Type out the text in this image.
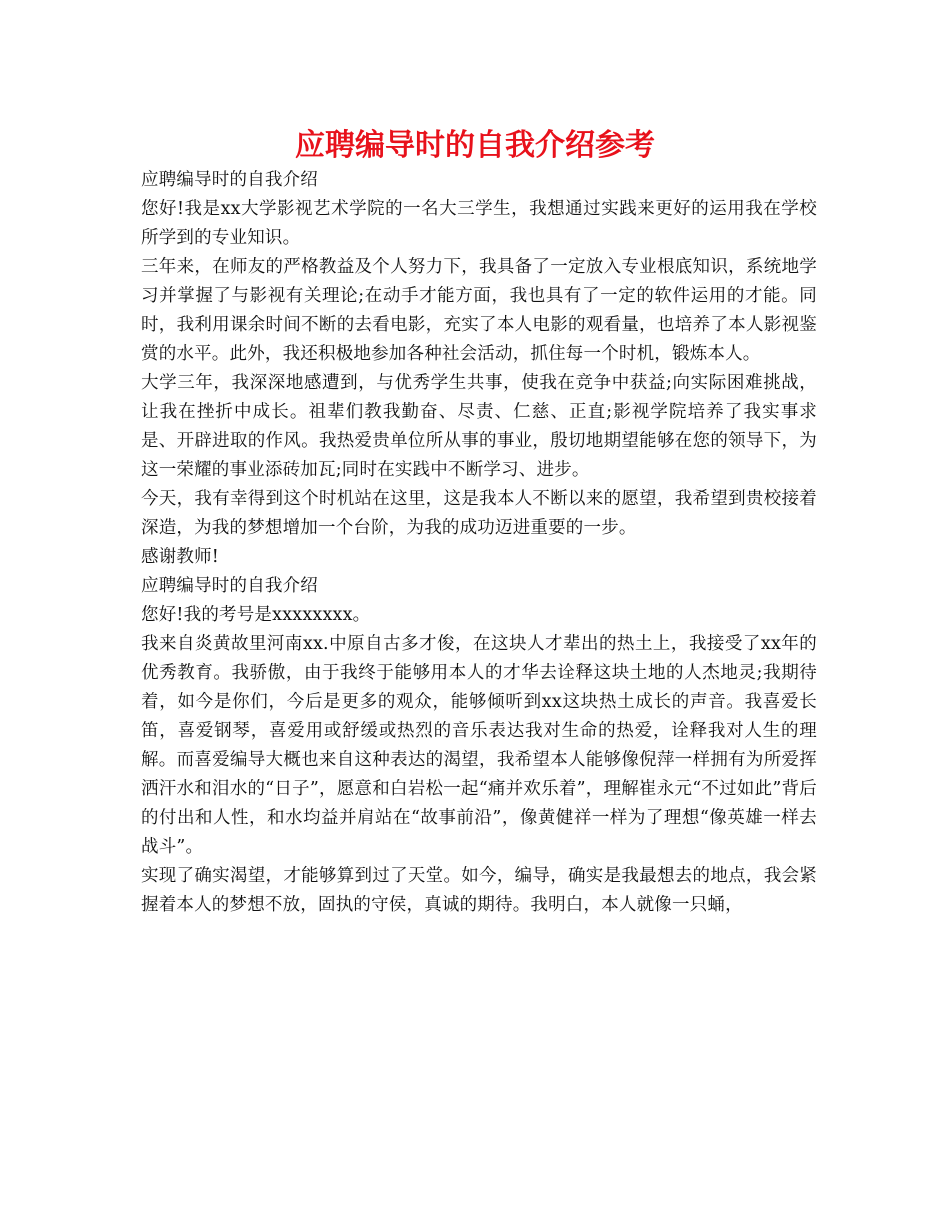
应聘编导时的自我介绍参考

应聘编导时的自我介绍

您好!我是xx大学影视艺术学院的一名大三学生，我想通过实践来更好的运用我在学校所学到的专业知识。

三年来，在师友的严格教益及个人努力下，我具备了一定放入专业根底知识，系统地学习并掌握了与影视有关理论;在动手才能方面，我也具有了一定的软件运用的才能。同时，我利用课余时间不断的去看电影，充实了本人电影的观看量，也培养了本人影视鉴赏的水平。此外，我还积极地参加各种社会活动，抓住每一个时机，锻炼本人。

大学三年，我深深地感遭到，与优秀学生共事，使我在竞争中获益;向实际困难挑战，让我在挫折中成长。祖辈们教我勤奋、尽责、仁慈、正直;影视学院培养了我实事求是、开辟进取的作风。我热爱贵单位所从事的事业，殷切地期望能够在您的领导下，为这一荣耀的事业添砖加瓦;同时在实践中不断学习、进步。

今天，我有幸得到这个时机站在这里，这是我本人不断以来的愿望，我希望到贵校接着深造，为我的梦想增加一个台阶，为我的成功迈进重要的一步。

感谢教师!

应聘编导时的自我介绍

您好!我的考号是xxxxxxxx。

我来自炎黄故里河南xx.中原自古多才俊，在这块人才辈出的热土上，我接受了xx年的优秀教育。我骄傲，由于我终于能够用本人的才华去诠释这块土地的人杰地灵;我期待着，如今是你们，今后是更多的观众，能够倾听到xx这块热土成长的声音。我喜爱长笛，喜爱钢琴，喜爱用或舒缓或热烈的音乐表达我对生命的热爱，诠释我对人生的理解。而喜爱编导大概也来自这种表达的渴望，我希望本人能够像倪萍一样拥有为所爱挥洒汗水和泪水的“日子”，愿意和白岩松一起“痛并欢乐着”，理解崔永元“不过如此”背后的付出和人性，和水均益并肩站在“故事前沿”，像黄健祥一样为了理想“像英雄一样去战斗”。

实现了确实渴望，才能够算到过了天堂。如今，编导，确实是我最想去的地点，我会紧握着本人的梦想不放，固执的守侯，真诚的期待。我明白，本人就像一只蛹，
